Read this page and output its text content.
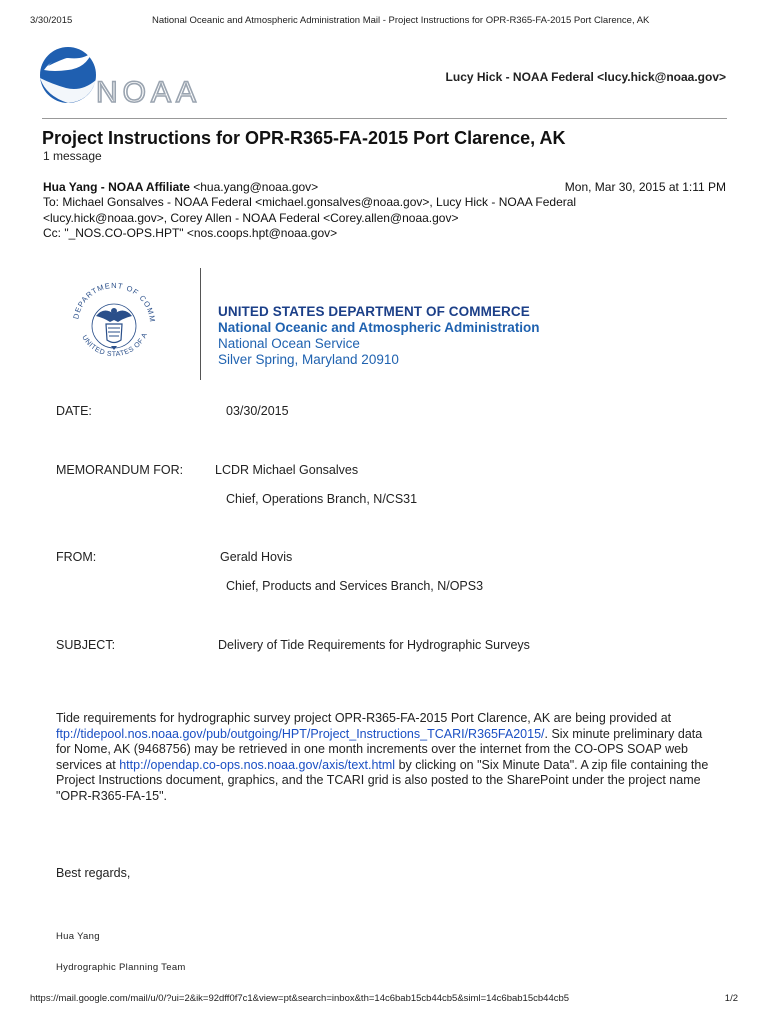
3/30/2015	National Oceanic and Atmospheric Administration Mail - Project Instructions for OPR-R365-FA-2015 Port Clarence, AK
NOAA	Lucy Hick - NOAA Federal <lucy.hick@noaa.gov>
Project Instructions for OPR-R365-FA-2015 Port Clarence, AK
1 message
Hua Yang - NOAA Affiliate <hua.yang@noaa.gov>	Mon, Mar 30, 2015 at 1:11 PM
To: Michael Gonsalves - NOAA Federal <michael.gonsalves@noaa.gov>, Lucy Hick - NOAA Federal
<lucy.hick@noaa.gov>, Corey Allen - NOAA Federal <Corey.allen@noaa.gov>
Cc: "_NOS.CO-OPS.HPT" <nos.coops.hpt@noaa.gov>
DEPARTMENT OF COMM
UNITED STATES OF A
UNITED STATES DEPARTMENT OF COMMERCE
National Oceanic and Atmospheric Administration
National Ocean Service
Silver Spring, Maryland 20910
DATE:	03/30/2015
MEMORANDUM FOR:	LCDR Michael Gonsalves
Chief, Operations Branch, N/CS31
FROM:	Gerald Hovis
Chief, Products and Services Branch, N/OPS3
SUBJECT:	Delivery of Tide Requirements for Hydrographic Surveys
Tide requirements for hydrographic survey project OPR-R365-FA-2015 Port Clarence, AK are being provided at ftp://tidepool.nos.noaa.gov/pub/outgoing/HPT/Project_Instructions_TCARI/R365FA2015/. Six minute preliminary data for Nome, AK (9468756) may be retrieved in one month increments over the internet from the CO-OPS SOAP web services at http://opendap.co-ops.nos.noaa.gov/axis/text.html by clicking on "Six Minute Data". A zip file containing the Project Instructions document, graphics, and the TCARI grid is also posted to the SharePoint under the project name "OPR-R365-FA-15".
Best regards,
Hua Yang
Hydrographic Planning Team
https://mail.google.com/mail/u/0/?ui=2&ik=92dff0f7c1&view=pt&search=inbox&th=14c6bab15cb44cb5&siml=14c6bab15cb44cb5	1/2
